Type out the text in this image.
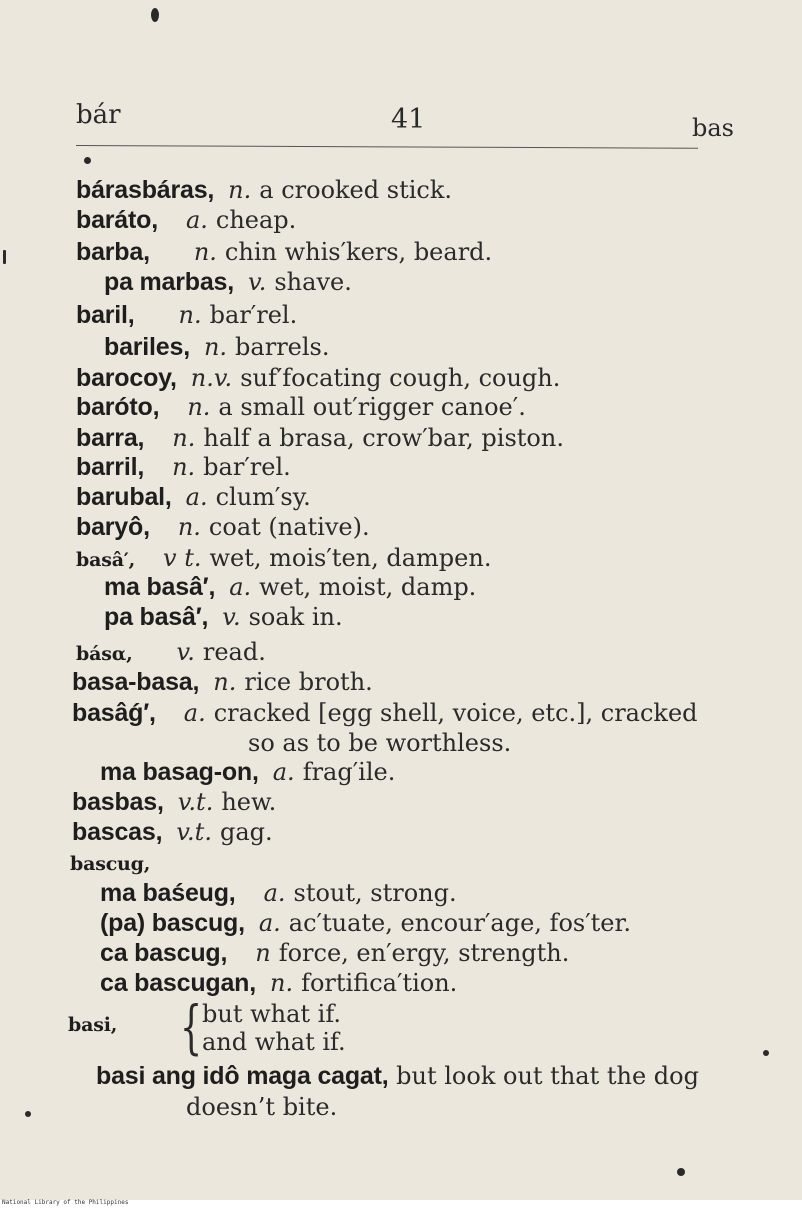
bár	41	bas
bárasbáras, n. a crooked stick.
baráto, a. cheap.
barba, n. chin whis′kers, beard.
pa marbas, v. shave.
baril, n. bar′rel.
bariles, n. barrels.
barocoy, n.v. suf′focating cough, cough.
baróto, n. a small out′rigger canoe′.
barra, n. half a brasa, crow′bar, piston.
barril, n. bar′rel.
barubal, a. clum′sy.
baryô, n. coat (native).
basâ′, v t. wet, mois′ten, dampen.
ma basâ′, a. wet, moist, damp.
pa basâ′, v. soak in.
básα, v. read.
basa-basa, n. rice broth.
basâǵ′, a. cracked [egg shell, voice, etc.], cracked
so as to be worthless.
ma basag-on, a. frag′ile.
basbas, v.t. hew.
bascas, v.t. gag.
bascug,
ma baśeug, a. stout, strong.
(pa) bascug, a. ac′tuate, encour′age, fos′ter.
ca bascug, n force, en′ergy, strength.
ca bascugan, n. fortifica′tion.
basi, { but what if.
and what if.
basi ang idô maga cagat, but look out that the dog
doesn’t bite.
National Library of the Philippines
